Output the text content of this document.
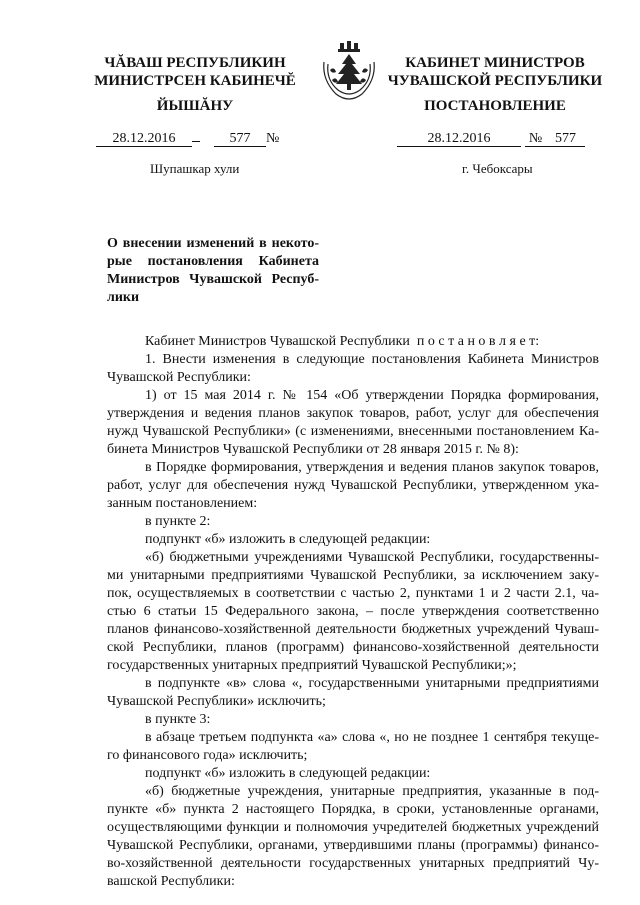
ЧĂВАШ РЕСПУБЛИКИН
МИНИСТРСЕН КАБИНЕЧĔ
ЙЫШĂНУ
КАБИНЕТ МИНИСТРОВ
ЧУВАШСКОЙ РЕСПУБЛИКИ
ПОСТАНОВЛЕНИЕ
28.12.2016	577 №	28.12.2016	№ 577
Шупашкар хули	г. Чебоксары
О внесении изменений в некото-
рые постановления Кабинета
Министров Чувашской Респуб-
лики
Кабинет Министров Чувашской Республики п о с т а н о в л я е т:
1. Внести изменения в следующие постановления Кабинета Министров
Чувашской Республики:
1) от 15 мая 2014 г. № 154 «Об утверждении Порядка формирования,
утверждения и ведения планов закупок товаров, работ, услуг для обеспечения
нужд Чувашской Республики» (с изменениями, внесенными постановлением Ка-
бинета Министров Чувашской Республики от 28 января 2015 г. № 8):
в Порядке формирования, утверждения и ведения планов закупок товаров,
работ, услуг для обеспечения нужд Чувашской Республики, утвержденном ука-
занным постановлением:
в пункте 2:
подпункт «б» изложить в следующей редакции:
«б) бюджетными учреждениями Чувашской Республики, государственны-
ми унитарными предприятиями Чувашской Республики, за исключением заку-
пок, осуществляемых в соответствии с частью 2, пунктами 1 и 2 части 2.1, ча-
стью 6 статьи 15 Федерального закона, – после утверждения соответственно
планов финансово-хозяйственной деятельности бюджетных учреждений Чуваш-
ской Республики, планов (программ) финансово-хозяйственной деятельности
государственных унитарных предприятий Чувашской Республики;»;
в подпункте «в» слова «, государственными унитарными предприятиями
Чувашской Республики» исключить;
в пункте 3:
в абзаце третьем подпункта «а» слова «, но не позднее 1 сентября текуще-
го финансового года» исключить;
подпункт «б» изложить в следующей редакции:
«б) бюджетные учреждения, унитарные предприятия, указанные в под-
пункте «б» пункта 2 настоящего Порядка, в сроки, установленные органами,
осуществляющими функции и полномочия учредителей бюджетных учреждений
Чувашской Республики, органами, утвердившими планы (программы) финансо-
во-хозяйственной деятельности государственных унитарных предприятий Чу-
вашской Республики:
